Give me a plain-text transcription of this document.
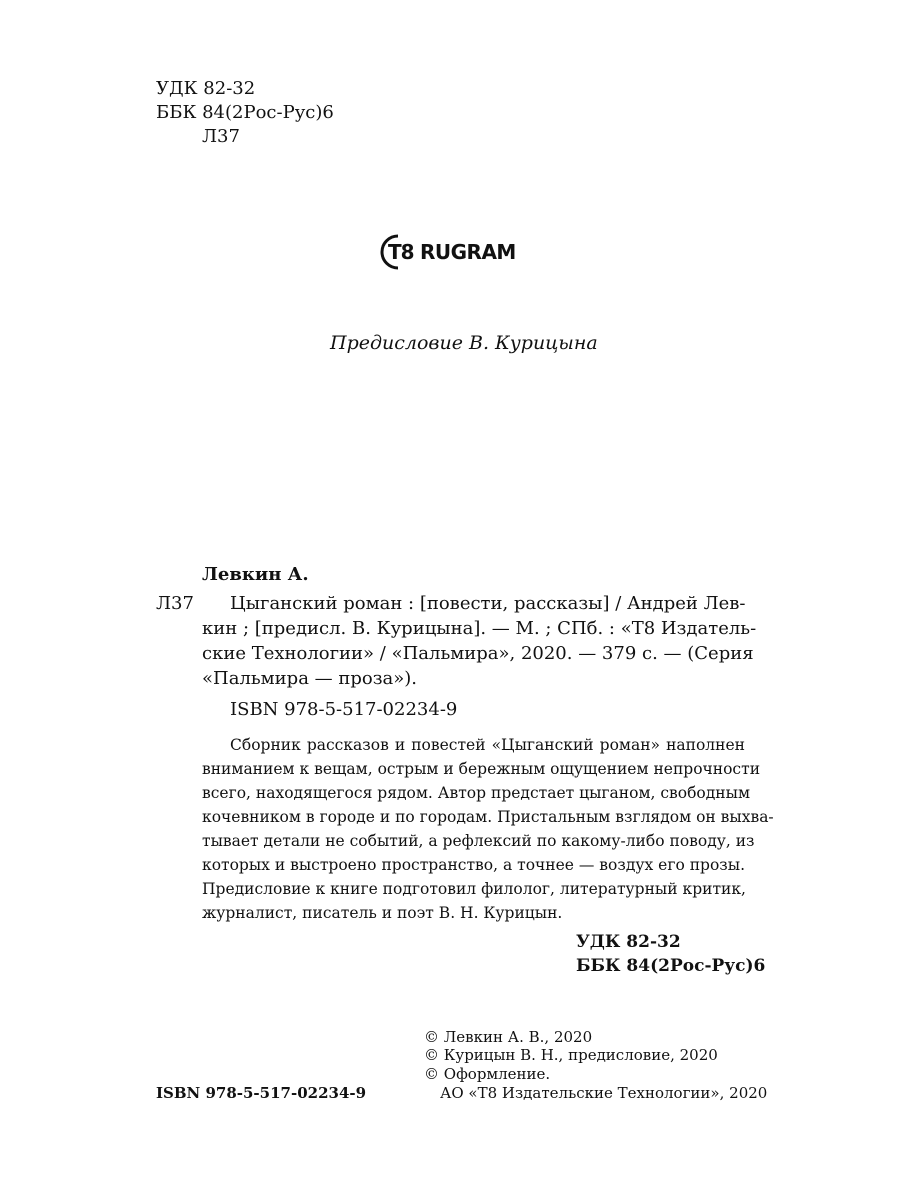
УДК 82-32
ББК 84(2Рос-Рус)6
Л37
T8 RUGRAM
Предисловие В. Курицына
Левкин А.
Л37 Цыганский роман : [повести, рассказы] / Андрей Лев-
кин ; [предисл. В. Курицына]. — М. ; СПб. : «Т8 Издатель-
ские Технологии» / «Пальмира», 2020. — 379 с. — (Серия
«Пальмира — проза»).
ISBN 978-5-517-02234-9
Сборник рассказов и повестей «Цыганский роман» наполнен
вниманием к вещам, острым и бережным ощущением непрочности
всего, находящегося рядом. Автор предстает цыганом, свободным
кочевником в городе и по городам. Пристальным взглядом он выхва-
тывает детали не событий, а рефлексий по какому-либо поводу, из
которых и выстроено пространство, а точнее — воздух его прозы.
Предисловие к книге подготовил филолог, литературный критик,
журналист, писатель и поэт В. Н. Курицын.
УДК 82-32
ББК 84(2Рос-Рус)6
© Левкин А. В., 2020
© Курицын В. Н., предисловие, 2020
© Оформление.
АО «Т8 Издательские Технологии», 2020
ISBN 978-5-517-02234-9
